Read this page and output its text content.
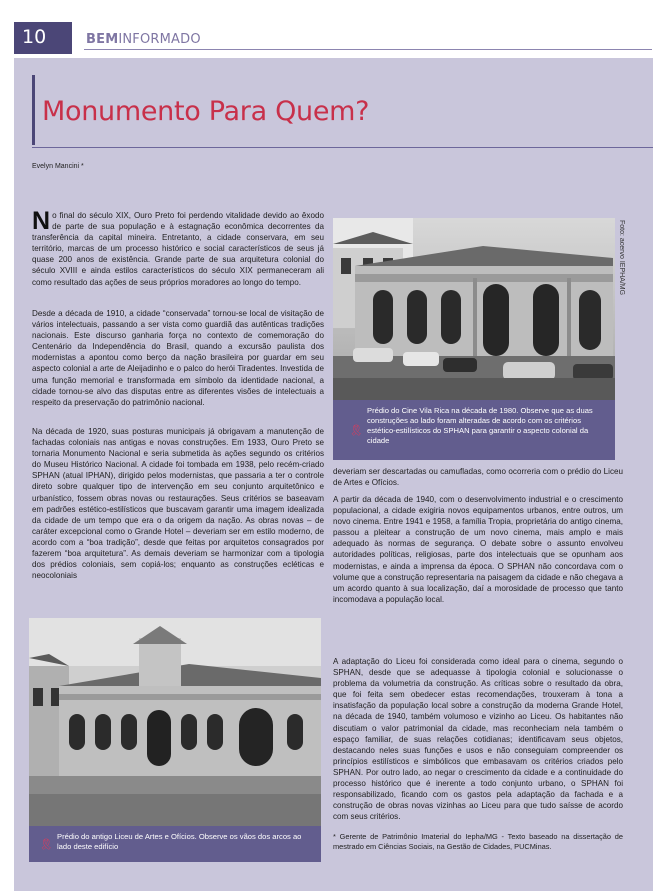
10	BEMINFORMADO
Monumento Para Quem?
Evelyn Mancini *

No final do século XIX, Ouro Preto foi perdendo vitalidade devido ao êxodo de parte de sua população e à estagnação econômica decorrentes da transferência da capital mineira. Entretanto, a cidade conservara, em seu território, marcas de um processo histórico e social característicos de seus já quase 200 anos de existência. Grande parte de sua arquitetura colonial do século XVIII e ainda estilos característicos do século XIX permaneceram ali como resultado das ações de seus próprios moradores ao longo do tempo.

Desde a década de 1910, a cidade “conservada” tornou-se local de visitação de vários intelectuais, passando a ser vista como guardiã das autênticas tradições nacionais. Este discurso ganharia força no contexto de comemoração do Centenário da Independência do Brasil, quando a excursão paulista dos modernistas a apontou como berço da nação brasileira por guardar em seu aspecto colonial a arte de Aleijadinho e o palco do herói Tiradentes. Investida de uma função memorial e transformada em símbolo da identidade nacional, a cidade tornou-se alvo das disputas entre as diferentes visões de intelectuais a respeito da preservação do patrimônio nacional.

Na década de 1920, suas posturas municipais já obrigavam a manutenção de fachadas coloniais nas antigas e novas construções. Em 1933, Ouro Preto se tornaria Monumento Nacional e seria submetida às ações segundo os critérios do Museu Histórico Nacional. A cidade foi tombada em 1938, pelo recém-criado SPHAN (atual IPHAN), dirigido pelos modernistas, que passaria a ter o controle direto sobre qualquer tipo de intervenção em seu conjunto arquitetônico e urbanístico, fossem obras novas ou restaurações. Seus critérios se baseavam em padrões estético-estilísticos que buscavam garantir uma imagem idealizada da cidade de um tempo que era o da origem da nação. As obras novas – de caráter excepcional como o Grande Hotel – deveriam ser em estilo moderno, de acordo com a “boa tradição”, desde que feitas por arquitetos consagrados por fazerem “boa arquitetura”. As demais deveriam se harmonizar com a tipologia dos prédios coloniais, sem copiá-los; enquanto as construções ecléticas e neocoloniais

Foto: acervo IEPHA/MG
🎗
Prédio do Cine Vila Rica na década de 1980. Observe que as duas construções ao lado foram alteradas de acordo com os critérios estético-estilísticos do SPHAN para garantir o aspecto colonial da cidade

deveriam ser descartadas ou camufladas, como ocorreria com o prédio do Liceu de Artes e Ofícios.

A partir da década de 1940, com o desenvolvimento industrial e o crescimento populacional, a cidade exigiria novos equipamentos urbanos, entre outros, um novo cinema. Entre 1941 e 1958, a família Tropia, proprietária do antigo cinema, passou a pleitear a construção de um novo cinema, mais amplo e mais adequado às normas de segurança. O debate sobre o assunto envolveu autoridades políticas, religiosas, parte dos intelectuais que se opunham aos modernistas, e ainda a imprensa da época. O SPHAN não concordava com o volume que a construção representaria na paisagem da cidade e não chegava a um acordo quanto à sua localização, daí a morosidade de processo que tanto incomodava a população local.

A adaptação do Liceu foi considerada como ideal para o cinema, segundo o SPHAN, desde que se adequasse à tipologia colonial e solucionasse o problema da volumetria da construção. As críticas sobre o resultado da obra, que foi feita sem obedecer estas recomendações, trouxeram à tona a insatisfação da população local sobre a construção da moderna Grande Hotel, na década de 1940, também volumoso e vizinho ao Liceu. Os habitantes não discutiam o valor patrimonial da cidade, mas reconheciam nela também o espaço familiar, de suas relações cotidianas; identificavam seus objetos, destacando neles suas funções e usos e não conseguiam compreender os princípios estilísticos e simbólicos que embasavam os critérios criados pelo SPHAN. Por outro lado, ao negar o crescimento da cidade e a continuidade do processo histórico que é inerente a todo conjunto urbano, o SPHAN foi responsabilizado, ficando com os gastos pela adaptação da fachada e a construção de obras novas vizinhas ao Liceu para que tudo saísse de acordo com seus critérios.

* Gerente de Patrimônio Imaterial do Iepha/MG - Texto baseado na dissertação de mestrado em Ciências Sociais, na Gestão de Cidades, PUCMinas.

🎗
Prédio do antigo Liceu de Artes e Ofícios. Observe os vãos dos arcos ao lado deste edifício
